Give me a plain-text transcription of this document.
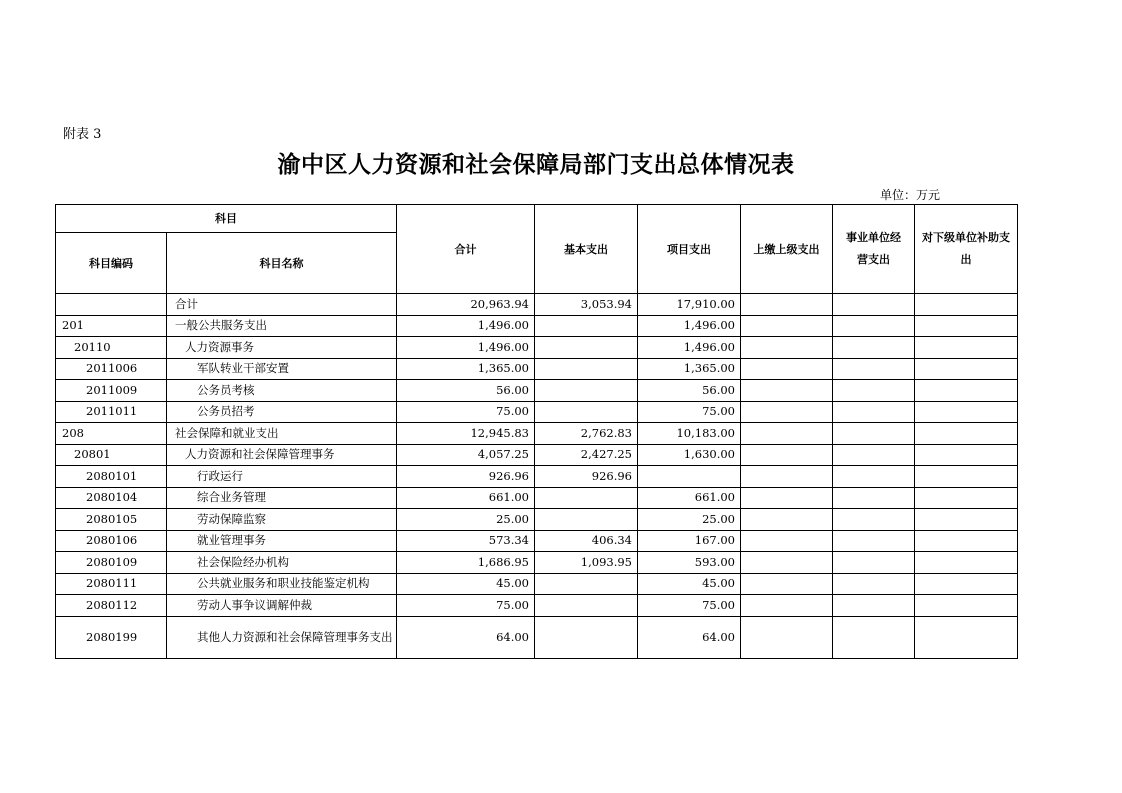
附表 3
渝中区人力资源和社会保障局部门支出总体情况表
单位：万元
科目		合计	基本支出	项目支出	上缴上级支出	事业单位经营支出	对下级单位补助支出
科目编码	科目名称						
	合计	20,963.94	3,053.94	17,910.00			
201	一般公共服务支出	1,496.00		1,496.00			
20110	人力资源事务	1,496.00		1,496.00			
2011006	军队转业干部安置	1,365.00		1,365.00			
2011009	公务员考核	56.00		56.00			
2011011	公务员招考	75.00		75.00			
208	社会保障和就业支出	12,945.83	2,762.83	10,183.00			
20801	人力资源和社会保障管理事务	4,057.25	2,427.25	1,630.00			
2080101	行政运行	926.96	926.96				
2080104	综合业务管理	661.00		661.00			
2080105	劳动保障监察	25.00		25.00			
2080106	就业管理事务	573.34	406.34	167.00			
2080109	社会保险经办机构	1,686.95	1,093.95	593.00			
2080111	公共就业服务和职业技能鉴定机构	45.00		45.00			
2080112	劳动人事争议调解仲裁	75.00		75.00			
2080199	其他人力资源和社会保障管理事务支出	64.00		64.00			
